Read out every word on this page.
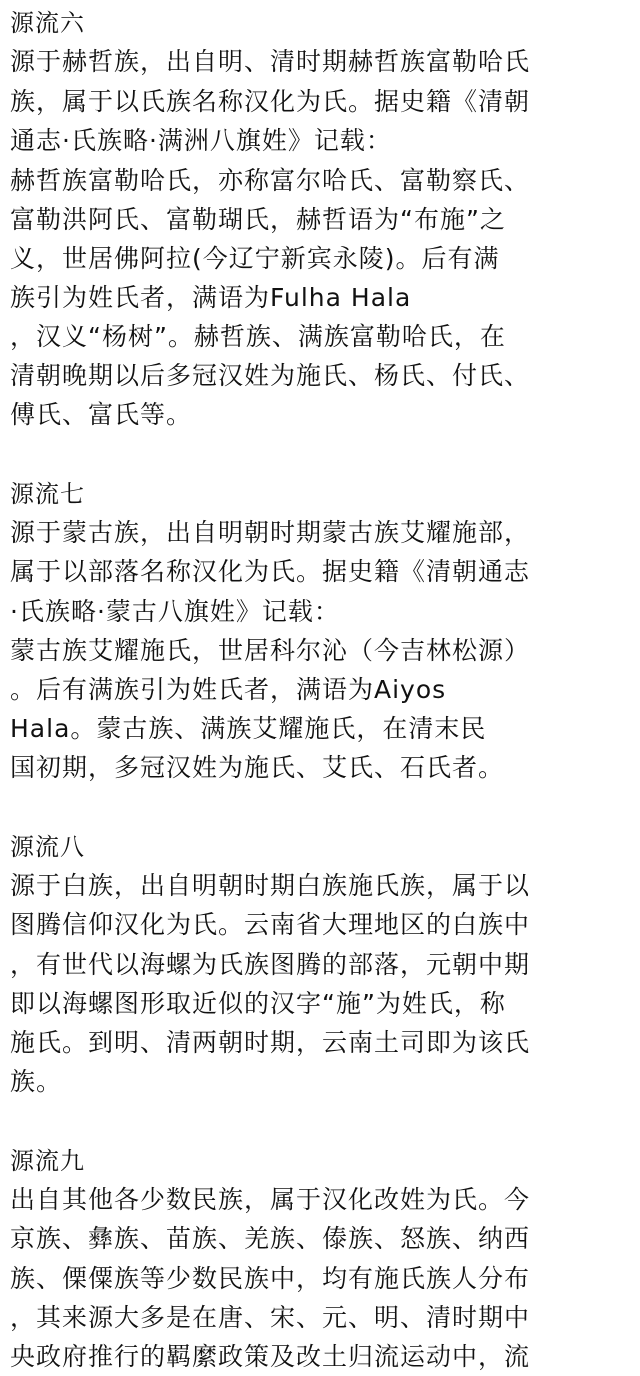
源流六
源于赫哲族，出自明、清时期赫哲族富勒哈氏
族，属于以氏族名称汉化为氏。据史籍《清朝
通志·氏族略·满洲八旗姓》记载：
赫哲族富勒哈氏，亦称富尔哈氏、富勒察氏、
富勒洪阿氏、富勒瑚氏，赫哲语为“布施”之
义，世居佛阿拉(今辽宁新宾永陵)。后有满
族引为姓氏者，满语为Fulha Hala
，汉义“杨树”。赫哲族、满族富勒哈氏，在
清朝晚期以后多冠汉姓为施氏、杨氏、付氏、
傅氏、富氏等。
源流七
源于蒙古族，出自明朝时期蒙古族艾耀施部，
属于以部落名称汉化为氏。据史籍《清朝通志
·氏族略·蒙古八旗姓》记载：
蒙古族艾耀施氏，世居科尔沁（今吉林松源）
。后有满族引为姓氏者，满语为Aiyos
Hala。蒙古族、满族艾耀施氏，在清末民
国初期，多冠汉姓为施氏、艾氏、石氏者。
源流八
源于白族，出自明朝时期白族施氏族，属于以
图腾信仰汉化为氏。云南省大理地区的白族中
，有世代以海螺为氏族图腾的部落，元朝中期
即以海螺图形取近似的汉字“施”为姓氏，称
施氏。到明、清两朝时期，云南土司即为该氏
族。
源流九
出自其他各少数民族，属于汉化改姓为氏。今
京族、彝族、苗族、羌族、傣族、怒族、纳西
族、傈僳族等少数民族中，均有施氏族人分布
，其来源大多是在唐、宋、元、明、清时期中
央政府推行的羁縻政策及改土归流运动中，流
